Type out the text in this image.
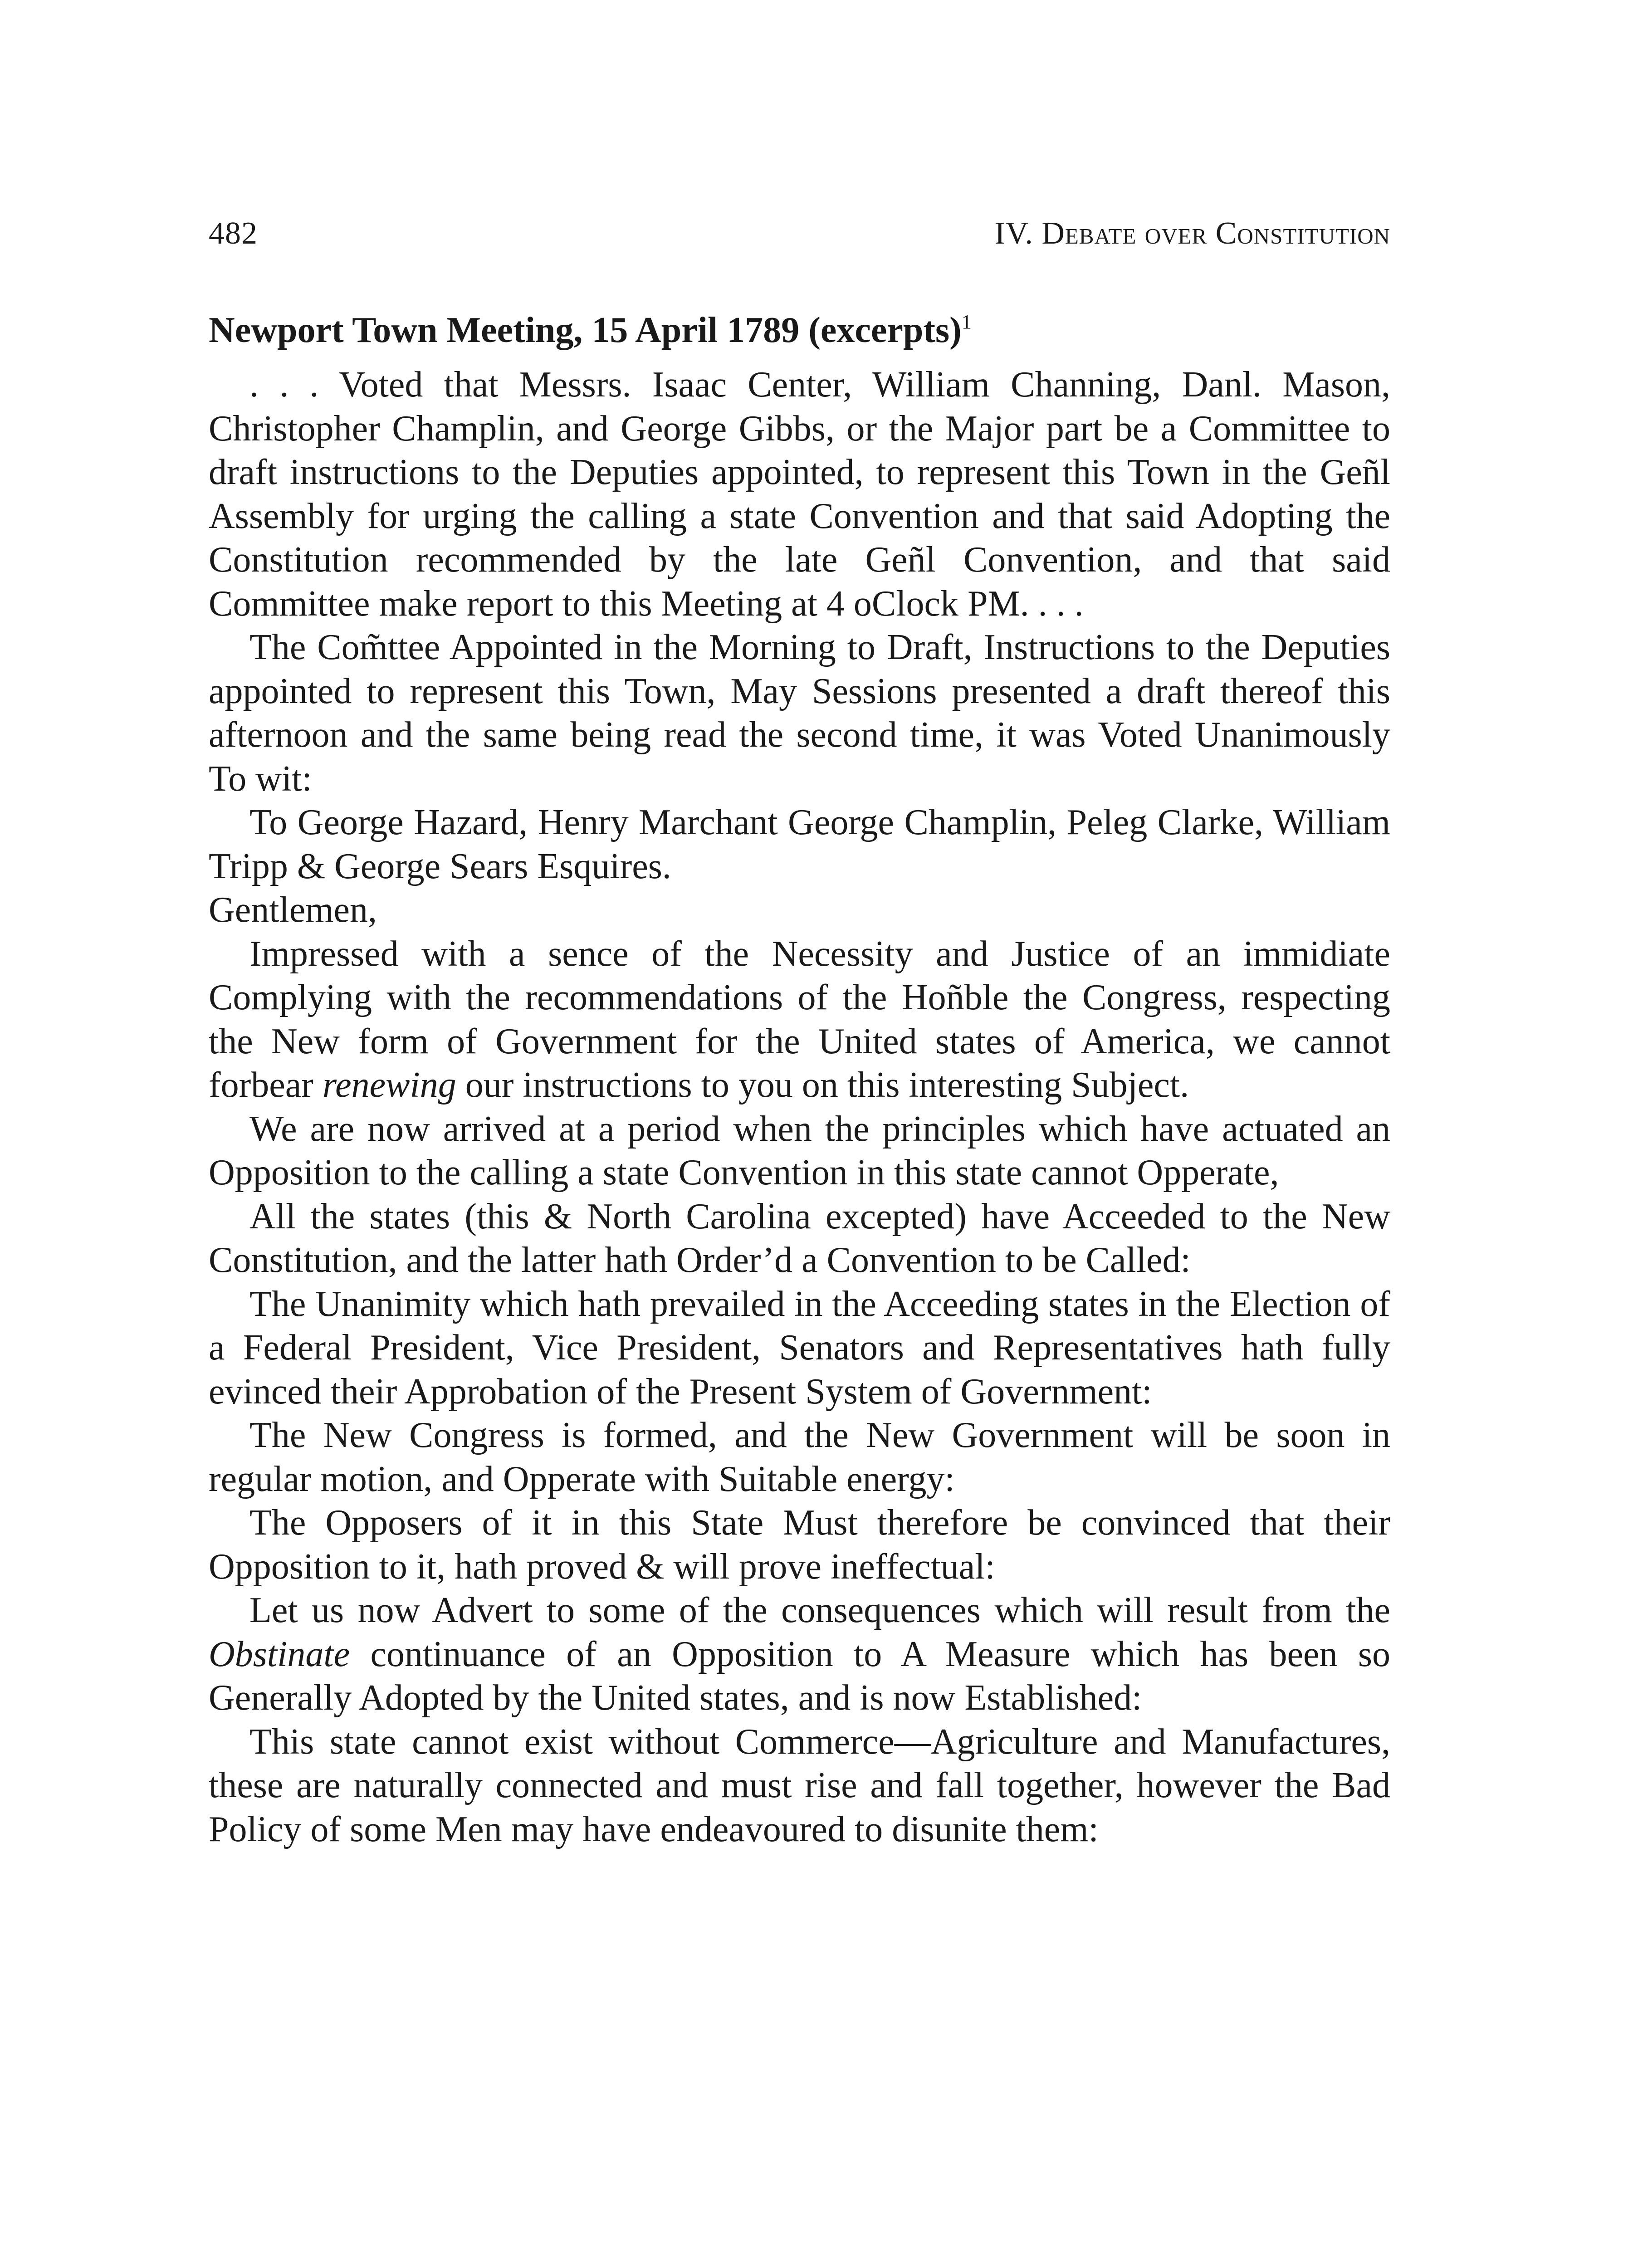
482	IV. Debate over Constitution
Newport Town Meeting, 15 April 1789 (excerpts)$^1$

. . . Voted that Messrs. Isaac Center, William Channing, Danl. Mason, Christopher Champlin, and George Gibbs, or the Major part be a Committee to draft instructions to the Deputies appointed, to represent this Town in the Geñl Assembly for urging the calling a state Convention and that said Adopting the Constitution recommended by the late Geñl Convention, and that said Committee make report to this Meeting at 4 oClock PM. . . .

The Com̃ttee Appointed in the Morning to Draft, Instructions to the Deputies appointed to represent this Town, May Sessions presented a draft thereof this afternoon and the same being read the second time, it was Voted Unanimously To wit:

To George Hazard, Henry Marchant George Champlin, Peleg Clarke, William Tripp & George Sears Esquires.

Gentlemen,

Impressed with a sence of the Necessity and Justice of an immidiate Complying with the recommendations of the Hoñble the Congress, respecting the New form of Government for the United states of America, we cannot forbear renewing our instructions to you on this interesting Subject.

We are now arrived at a period when the principles which have actuated an Opposition to the calling a state Convention in this state cannot Opperate,

All the states (this & North Carolina excepted) have Acceeded to the New Constitution, and the latter hath Order’d a Convention to be Called:

The Unanimity which hath prevailed in the Acceeding states in the Election of a Federal President, Vice President, Senators and Representatives hath fully evinced their Approbation of the Present System of Government:

The New Congress is formed, and the New Government will be soon in regular motion, and Opperate with Suitable energy:

The Opposers of it in this State Must therefore be convinced that their Opposition to it, hath proved & will prove ineffectual:

Let us now Advert to some of the consequences which will result from the Obstinate continuance of an Opposition to A Measure which has been so Generally Adopted by the United states, and is now Established:

This state cannot exist without Commerce—Agriculture and Manufactures, these are naturally connected and must rise and fall together, however the Bad Policy of some Men may have endeavoured to disunite them:
